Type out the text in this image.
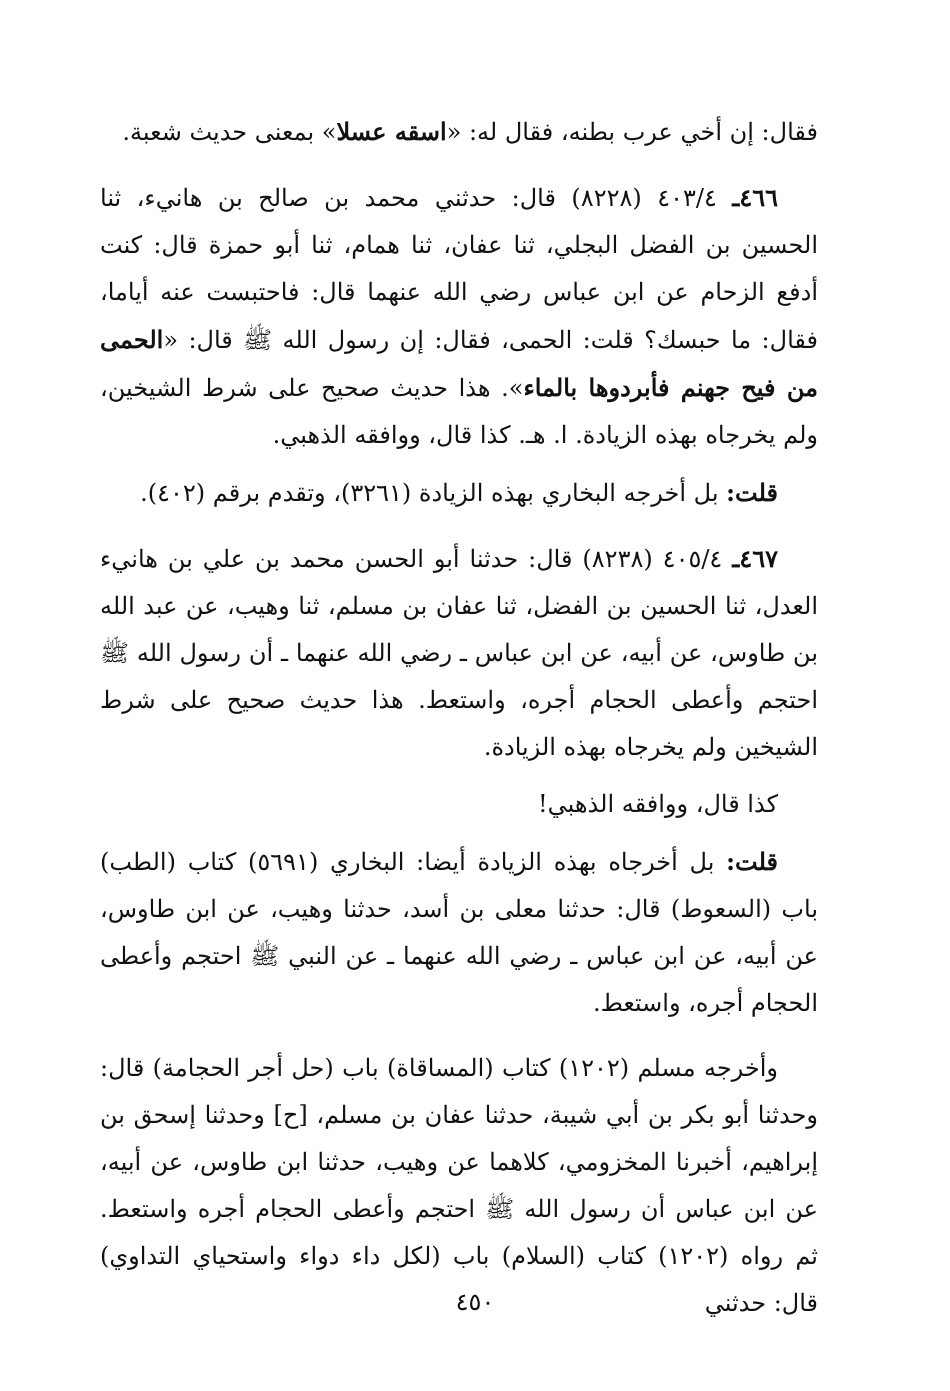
فقال: إن أخي عرب بطنه، فقال له: «اسقه عسلا» بمعنى حديث شعبة.

٤٦٦ـ ٤٠٣/٤ (٨٢٢٨) قال: حدثني محمد بن صالح بن هانيء، ثنا الحسين بن الفضل البجلي، ثنا عفان، ثنا همام، ثنا أبو حمزة قال: كنت أدفع الزحام عن ابن عباس رضي الله عنهما قال: فاحتبست عنه أياما، فقال: ما حبسك؟ قلت: الحمى، فقال: إن رسول الله ﷺ قال: «الحمى من فيح جهنم فأبردوها بالماء». هذا حديث صحيح على شرط الشيخين، ولم يخرجاه بهذه الزيادة. ا. هـ. كذا قال، ووافقه الذهبي.

قلت: بل أخرجه البخاري بهذه الزيادة (٣٢٦١)، وتقدم برقم (٤٠٢).

٤٦٧ـ ٤٠٥/٤ (٨٢٣٨) قال: حدثنا أبو الحسن محمد بن علي بن هانيء العدل، ثنا الحسين بن الفضل، ثنا عفان بن مسلم، ثنا وهيب، عن عبد الله بن طاوس، عن أبيه، عن ابن عباس ـ رضي الله عنهما ـ أن رسول الله ﷺ احتجم وأعطى الحجام أجره، واستعط. هذا حديث صحيح على شرط الشيخين ولم يخرجاه بهذه الزيادة.

كذا قال، ووافقه الذهبي!

قلت: بل أخرجاه بهذه الزيادة أيضا: البخاري (٥٦٩١) كتاب (الطب) باب (السعوط) قال: حدثنا معلى بن أسد، حدثنا وهيب، عن ابن طاوس، عن أبيه، عن ابن عباس ـ رضي الله عنهما ـ عن النبي ﷺ احتجم وأعطى الحجام أجره، واستعط.

وأخرجه مسلم (١٢٠٢) كتاب (المساقاة) باب (حل أجر الحجامة) قال: وحدثنا أبو بكر بن أبي شيبة، حدثنا عفان بن مسلم، [ح] وحدثنا إسحق بن إبراهيم، أخبرنا المخزومي، كلاهما عن وهيب، حدثنا ابن طاوس، عن أبيه، عن ابن عباس أن رسول الله ﷺ احتجم وأعطى الحجام أجره واستعط. ثم رواه (١٢٠٢) كتاب (السلام) باب (لكل داء دواء واستحياي التداوي) قال: حدثني

٤٥٠
